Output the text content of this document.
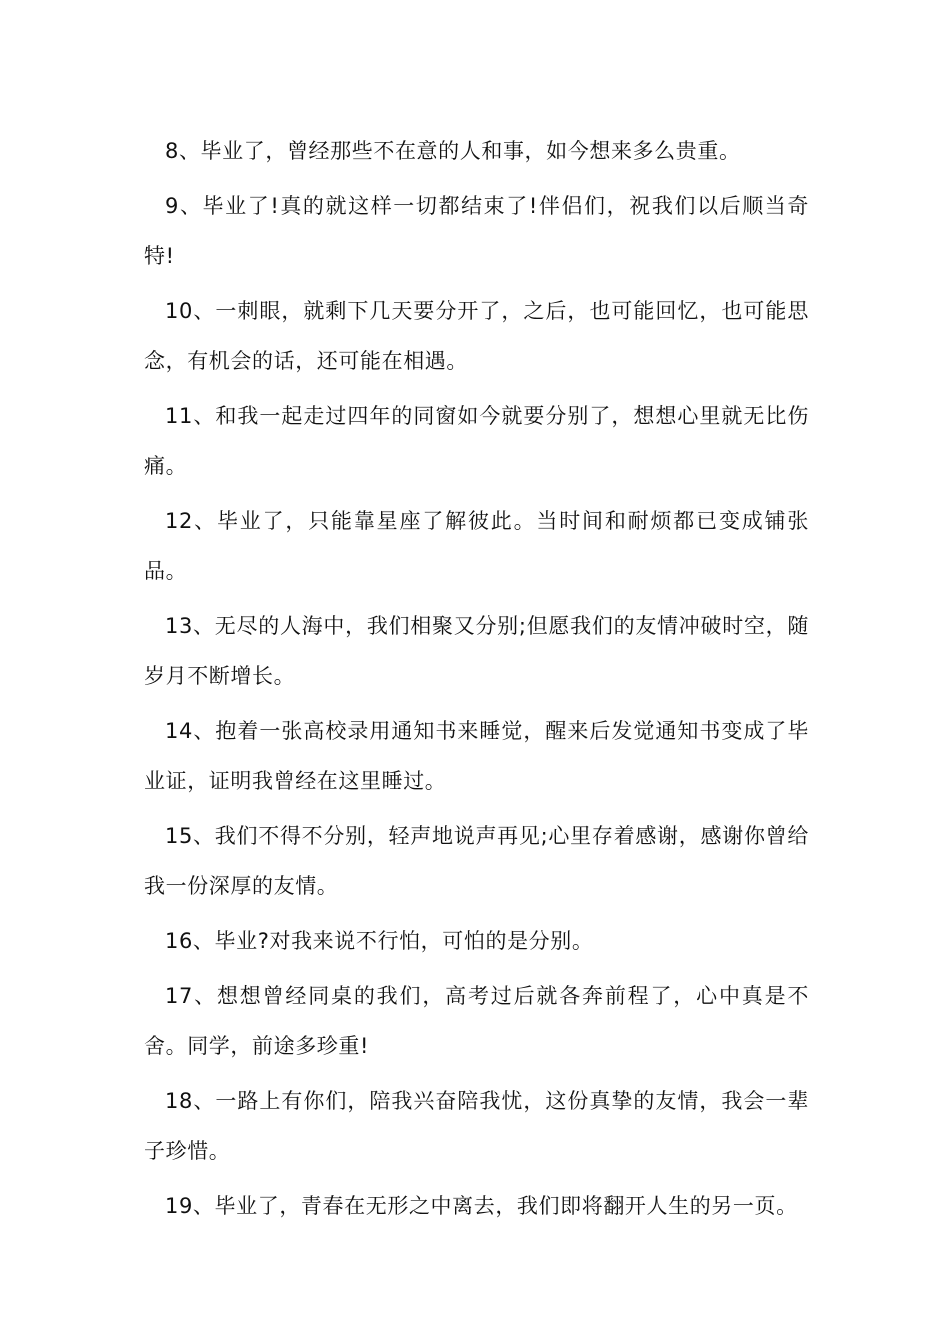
8、毕业了，曾经那些不在意的人和事，如今想来多么贵重。

9、毕业了!真的就这样一切都结束了!伴侣们，祝我们以后顺当奇特!

10、一刺眼，就剩下几天要分开了，之后，也可能回忆，也可能思念，有机会的话，还可能在相遇。

11、和我一起走过四年的同窗如今就要分别了，想想心里就无比伤痛。

12、毕业了，只能靠星座了解彼此。当时间和耐烦都已变成铺张品。

13、无尽的人海中，我们相聚又分别;但愿我们的友情冲破时空，随岁月不断增长。

14、抱着一张高校录用通知书来睡觉，醒来后发觉通知书变成了毕业证，证明我曾经在这里睡过。

15、我们不得不分别，轻声地说声再见;心里存着感谢，感谢你曾给我一份深厚的友情。

16、毕业?对我来说不行怕，可怕的是分别。

17、想想曾经同桌的我们，高考过后就各奔前程了，心中真是不舍。同学，前途多珍重!

18、一路上有你们，陪我兴奋陪我忧，这份真挚的友情，我会一辈子珍惜。

19、毕业了，青春在无形之中离去，我们即将翻开人生的另一页。
